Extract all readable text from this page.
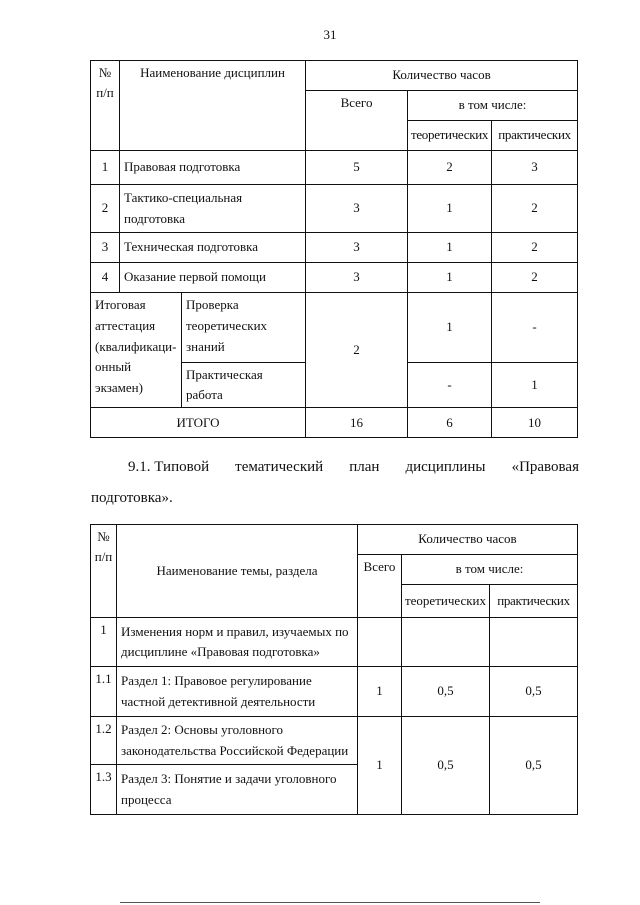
31
№
п/п	Наименование дисциплин		Количество часов		
			Всего	в том числе:	
				теоретических	практических
1	Правовая подготовка		5	2	3
2	Тактико-специальная подготовка		3	1	2
3	Техническая подготовка		3	1	2
4	Оказание первой помощи		3	1	2
Итоговая аттестация (квалификаци-онный экзамен)		Проверка теоретических знаний	2	1	-
		Практическая работа		-	1
ИТОГО			16	6	10
9.1. Типовой тематический план дисциплины «Правовая
подготовка».
№
п/п	Наименование темы, раздела	Количество часов		
		Всего	в том числе:	
			теоретических	практических
1	Изменения норм и правил, изучаемых по дисциплине «Правовая подготовка»			
1.1	Раздел 1: Правовое регулирование частной детективной деятельности	1	0,5	0,5
1.2	Раздел 2: Основы уголовного законодательства Российской Федерации	1	0,5	0,5
1.3	Раздел 3: Понятие и задачи уголовного процесса			
